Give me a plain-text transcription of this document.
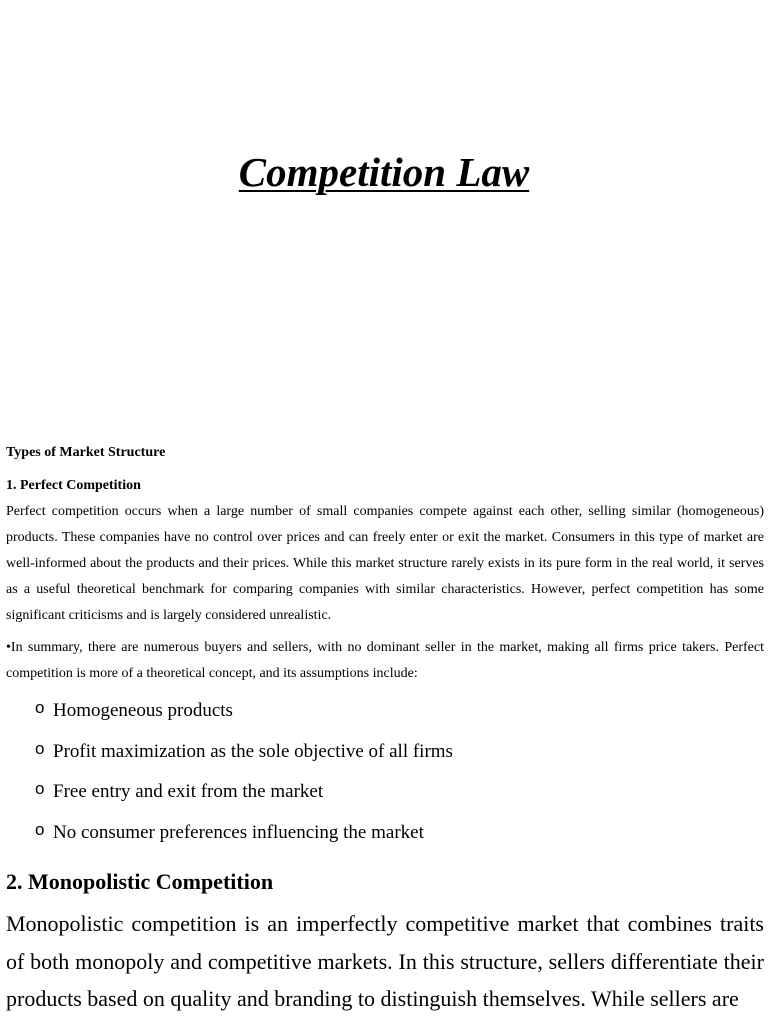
Competition Law

Types of Market Structure

1. Perfect Competition

Perfect competition occurs when a large number of small companies compete against each other, selling similar (homogeneous) products. These companies have no control over prices and can freely enter or exit the market. Consumers in this type of market are well-informed about the products and their prices. While this market structure rarely exists in its pure form in the real world, it serves as a useful theoretical benchmark for comparing companies with similar characteristics. However, perfect competition has some significant criticisms and is largely considered unrealistic.

•In summary, there are numerous buyers and sellers, with no dominant seller in the market, making all firms price takers. Perfect competition is more of a theoretical concept, and its assumptions include:

o Homogeneous products
o Profit maximization as the sole objective of all firms
o Free entry and exit from the market
o No consumer preferences influencing the market
2. Monopolistic Competition

Monopolistic competition is an imperfectly competitive market that combines traits of both monopoly and competitive markets. In this structure, sellers differentiate their products based on quality and branding to distinguish themselves. While sellers are
